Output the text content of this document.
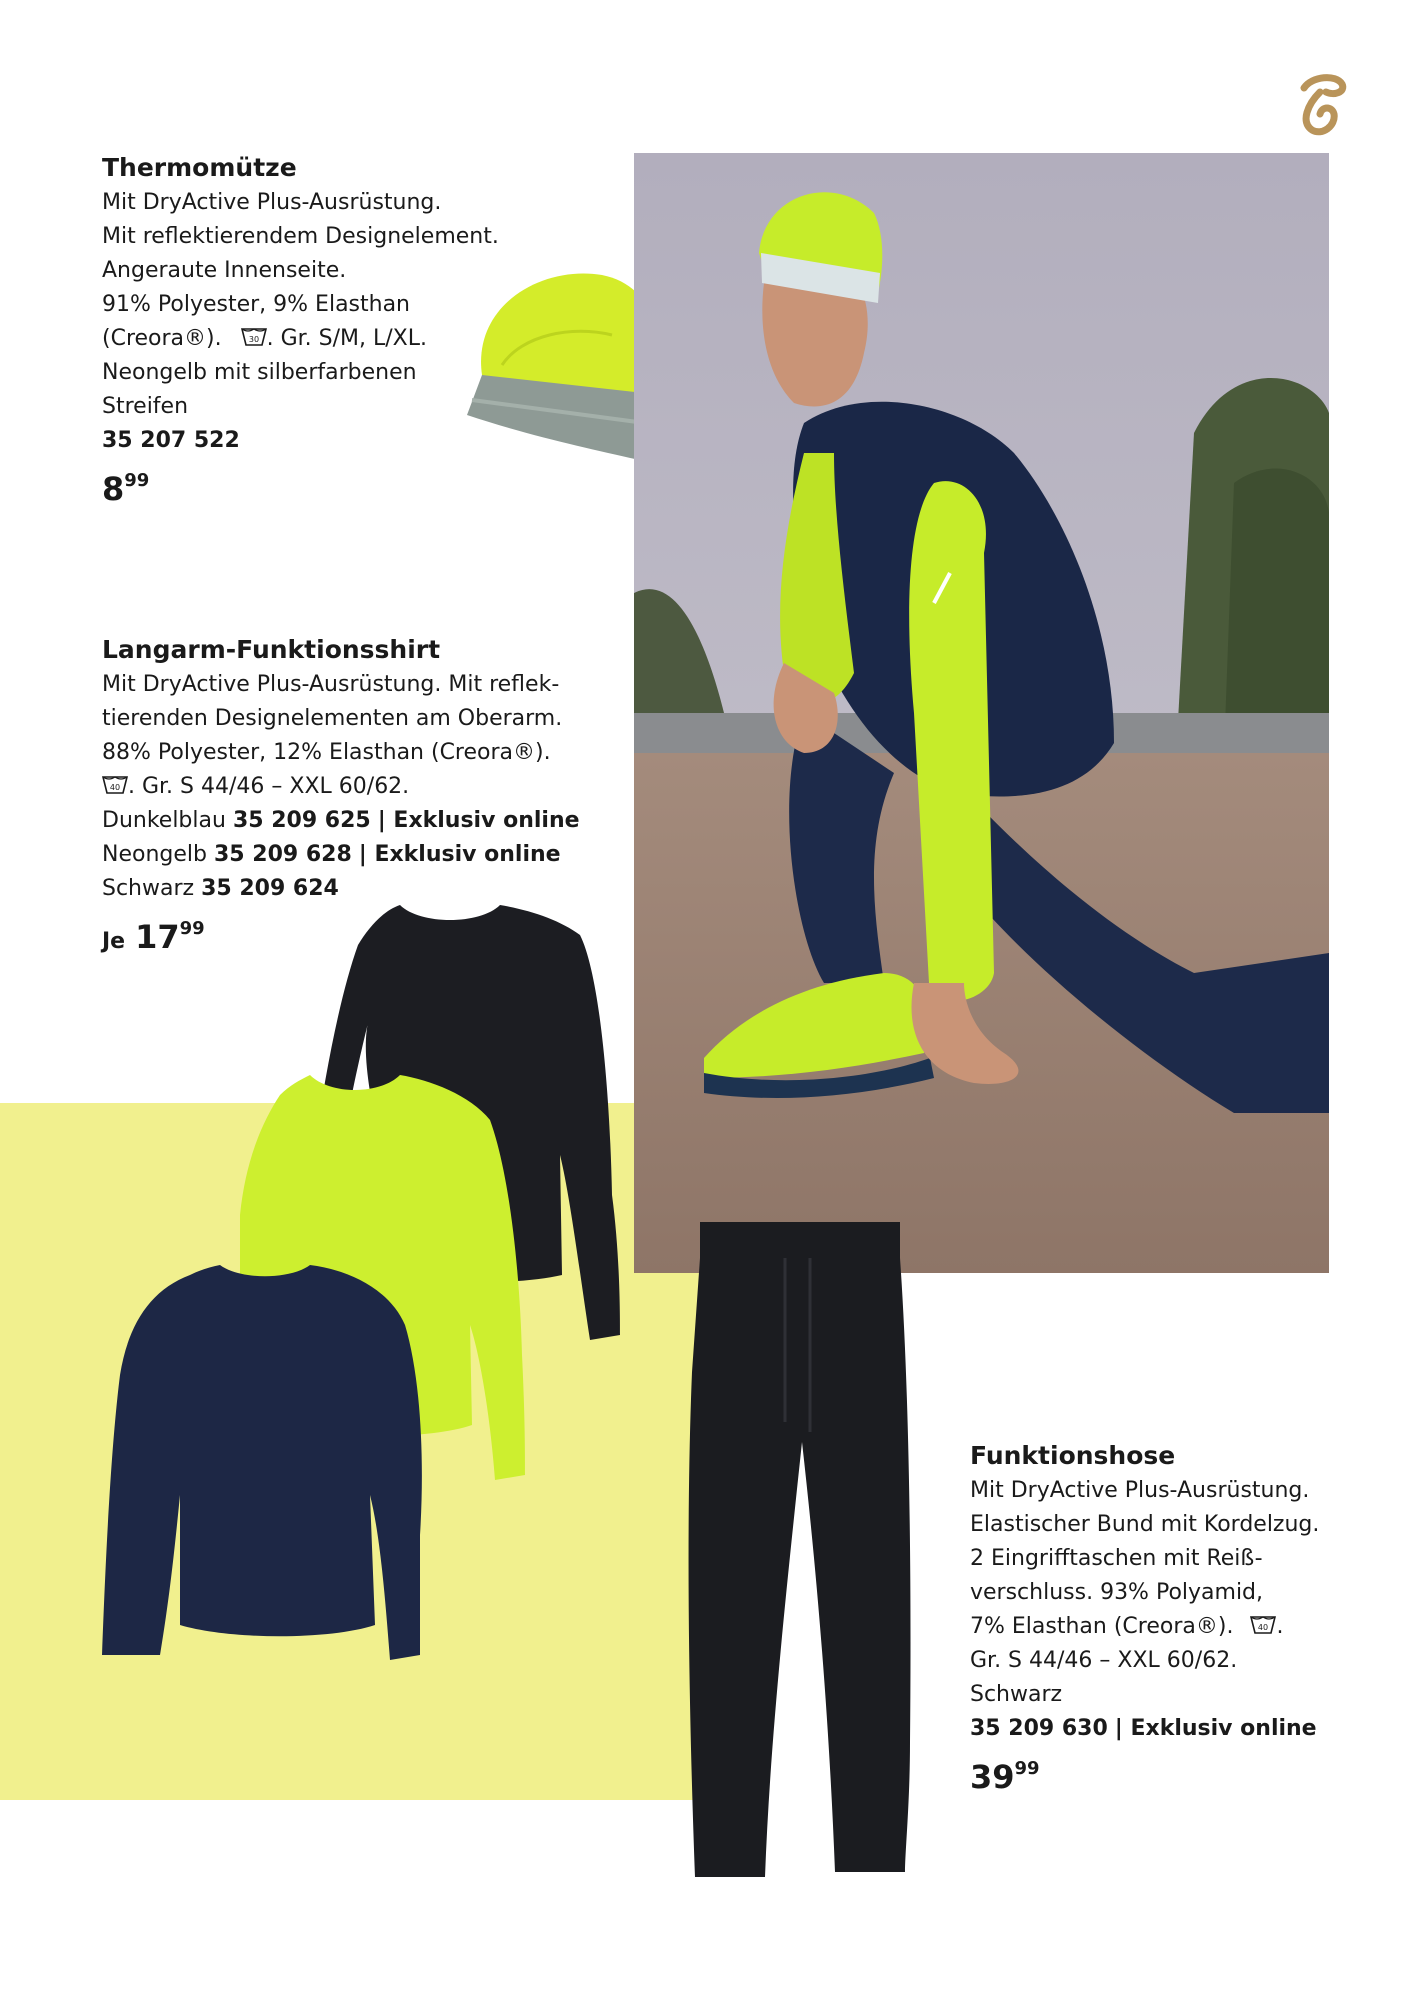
Thermomütze
Mit DryActive Plus-Ausrüstung.
Mit reflektierendem Designelement.
Angeraute Innenseite.
91% Polyester, 9% Elasthan
(Creora®).	30 . Gr. S/M, L/XL.
Neongelb mit silberfarbenen
Streifen
35 207 522
$8^{99}$
Langarm-Funktionsshirt
Mit DryActive Plus-Ausrüstung. Mit reflek-
tierenden Designelementen am Oberarm.
88% Polyester, 12% Elasthan (Creora®).
40 . Gr. S 44/46 – XXL 60/62.
Dunkelblau 35 209 625 | Exklusiv online
Neongelb 35 209 628 | Exklusiv online
Schwarz 35 209 624
Je $17^{99}$
Funktionshose
Mit DryActive Plus-Ausrüstung.
Elastischer Bund mit Kordelzug.
2 Eingrifftaschen mit Reiß-
verschluss. 93% Polyamid,
7% Elasthan (Creora®).	40 .
Gr. S 44/46 – XXL 60/62.
Schwarz
35 209 630 | Exklusiv online
$39^{99}$
